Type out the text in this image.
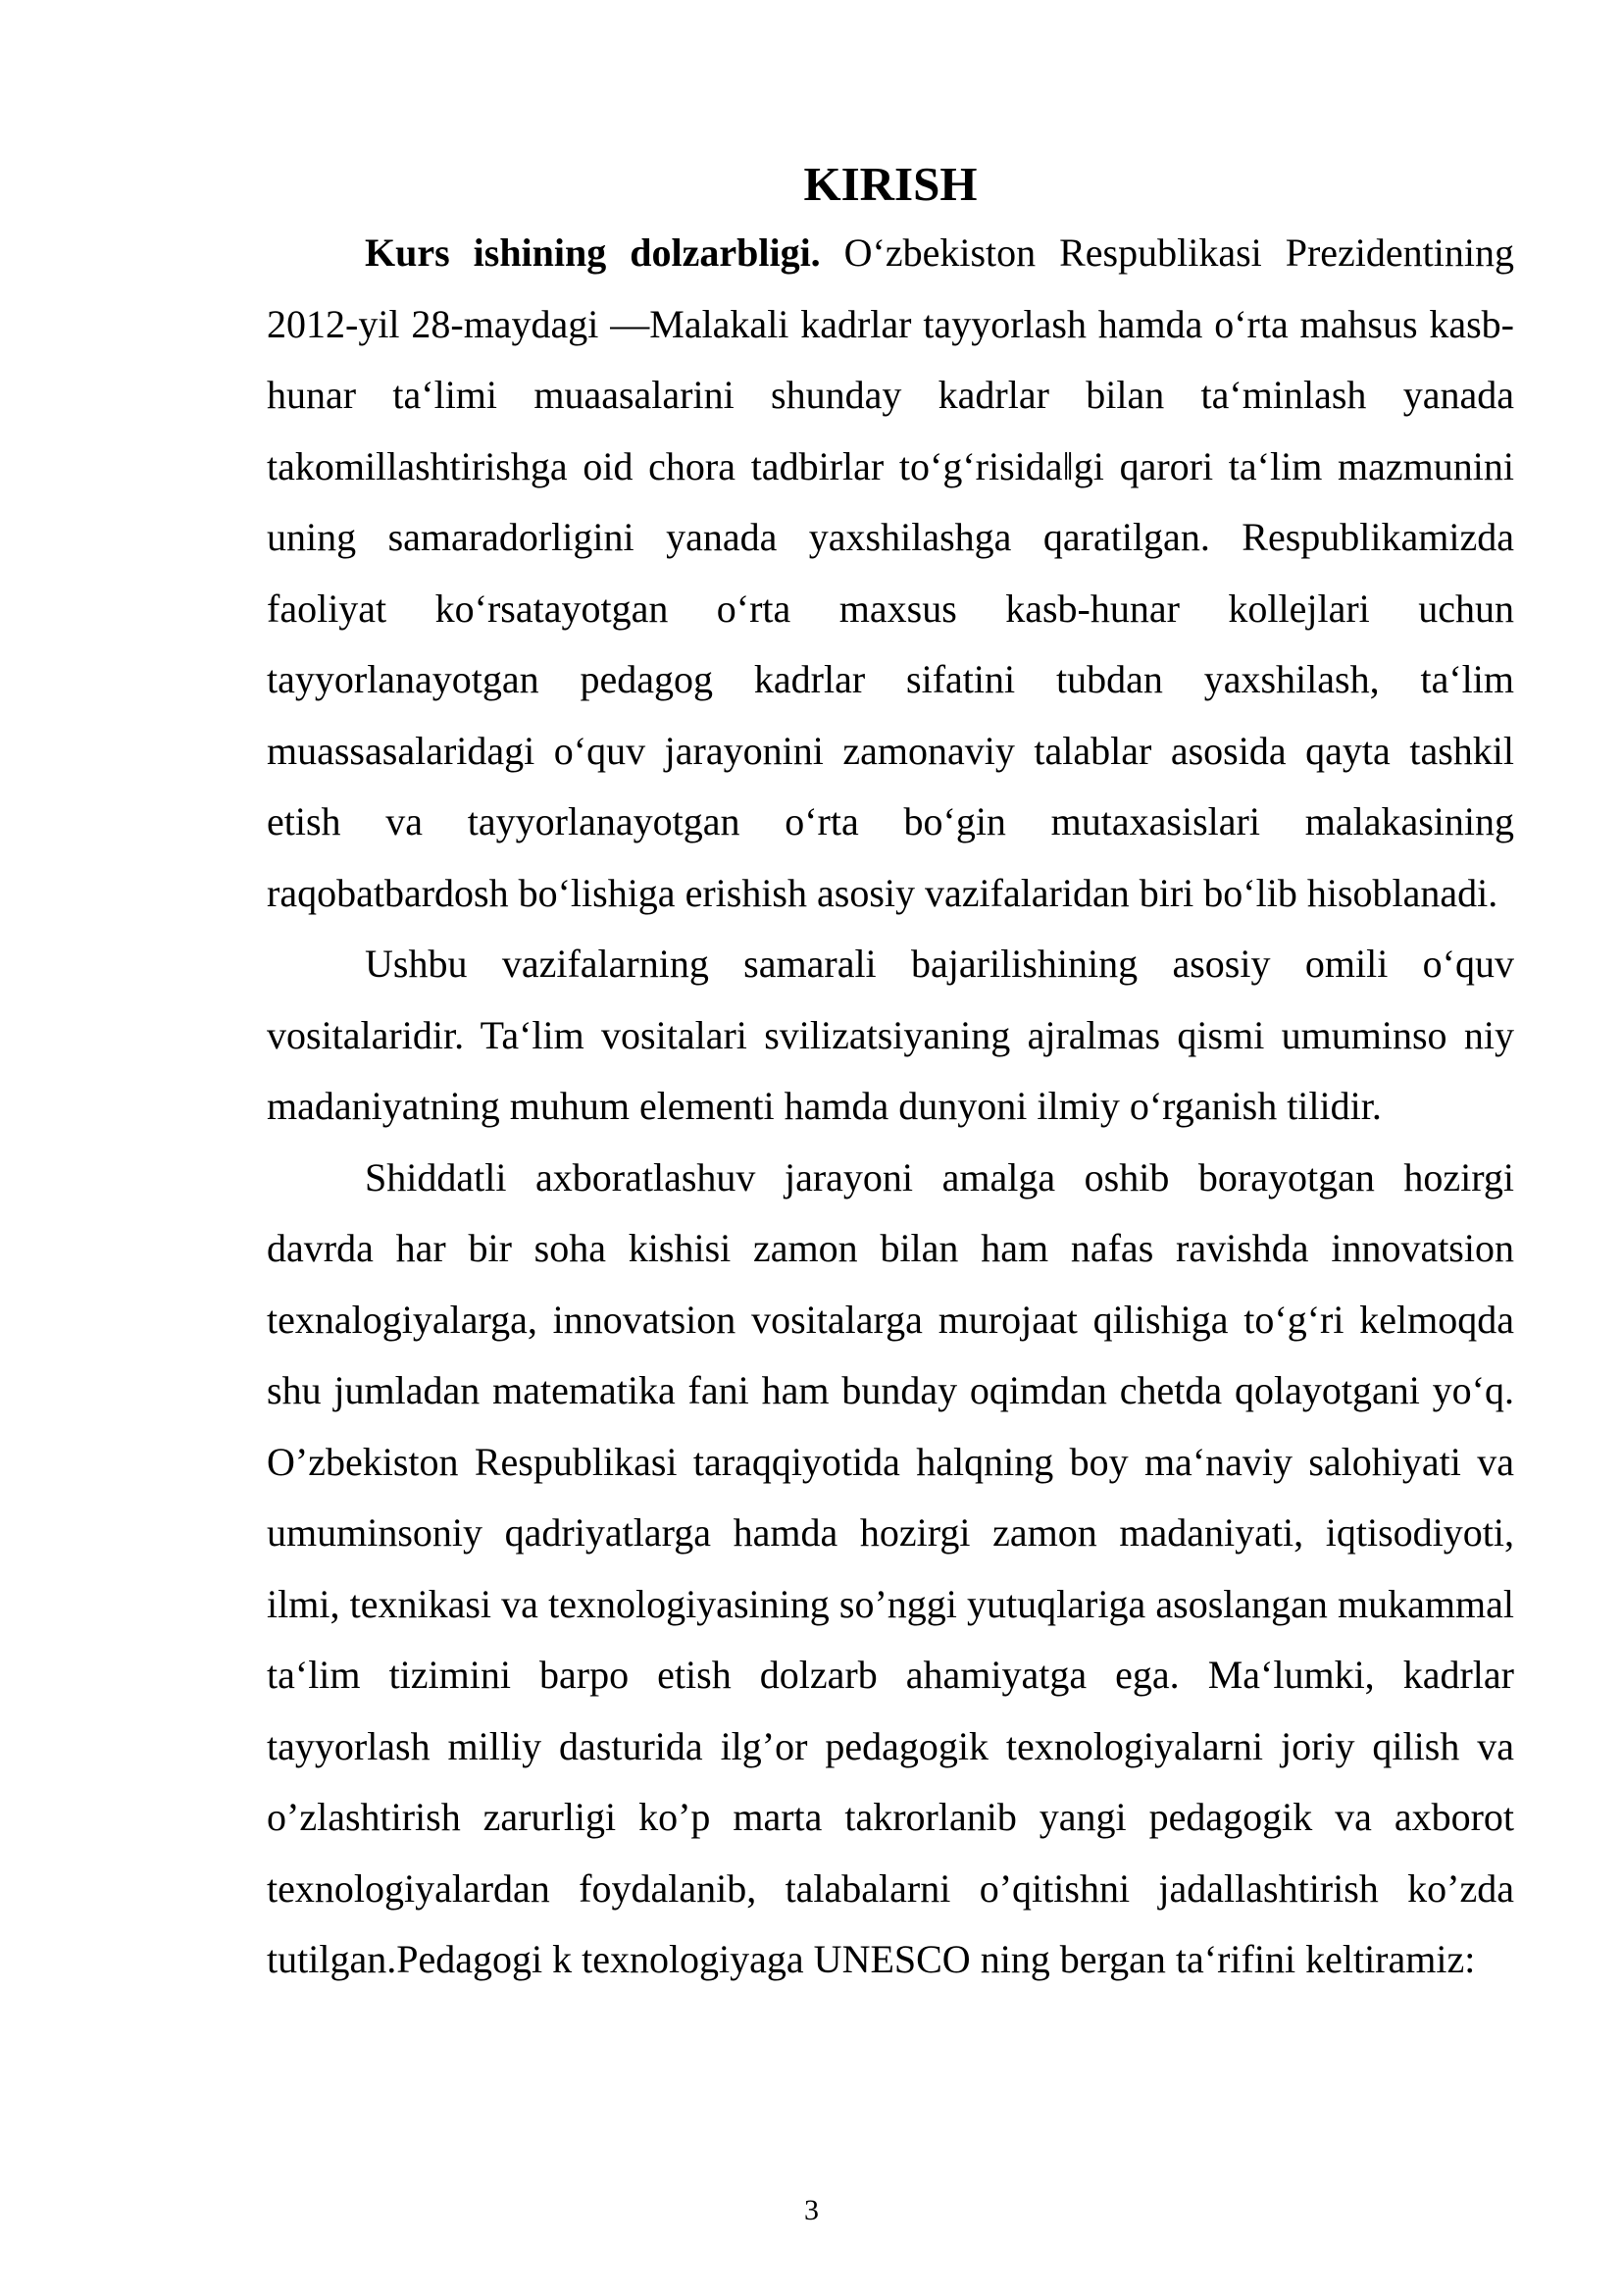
KIRISH

Kurs ishining dolzarbligi. O‘zbekiston Respublikasi Prezidentining 2012-yil 28-maydagi ―Malakali kadrlar tayyorlash hamda o‘rta mahsus kasb-hunar ta‘limi muaasalarini shunday kadrlar bilan ta‘minlash yanada takomillashtirishga oid chora tadbirlar to‘g‘risida‖gi qarori ta‘lim mazmunini uning samaradorligini yanada yaxshilashga qaratilgan. Respublikamizda faoliyat ko‘rsatayotgan o‘rta maxsus kasb-hunar kollejlari uchun tayyorlanayotgan pedagog kadrlar sifatini tubdan yaxshilash, ta‘lim muassasalaridagi o‘quv jarayonini zamonaviy talablar asosida qayta tashkil etish va tayyorlanayotgan o‘rta bo‘gin mutaxasislari malakasining raqobatbardosh bo‘lishiga erishish asosiy vazifalaridan biri bo‘lib hisoblanadi.

Ushbu vazifalarning samarali bajarilishining asosiy omili o‘quv vositalaridir. Ta‘lim vositalari svilizatsiyaning ajralmas qismi umuminso niy madaniyatning muhum elementi hamda dunyoni ilmiy o‘rganish tilidir.

Shiddatli axboratlashuv jarayoni amalga oshib borayotgan hozirgi davrda har bir soha kishisi zamon bilan ham nafas ravishda innovatsion texnalogiyalarga, innovatsion vositalarga murojaat qilishiga to‘g‘ri kelmoqda shu jumladan matematika fani ham bunday oqimdan chetda qolayotgani yo‘q. O’zbekiston Respublikasi taraqqiyotida halqning boy ma‘naviy salohiyati va umuminsoniy qadriyatlarga hamda hozirgi zamon madaniyati, iqtisodiyoti, ilmi, texnikasi va texnologiyasining so’nggi yutuqlariga asoslangan mukammal ta‘lim tizimini barpo etish dolzarb ahamiyatga ega. Ma‘lumki, kadrlar tayyorlash milliy dasturida ilg’or pedagogik texnologiyalarni joriy qilish va o’zlashtirish zarurligi ko’p marta takrorlanib yangi pedagogik va axborot texnologiyalardan foydalanib, talabalarni o’qitishni jadallashtirish ko’zda tutilgan.Pedagogi k texnologiyaga UNESCO ning bergan ta‘rifini keltiramiz:

3
